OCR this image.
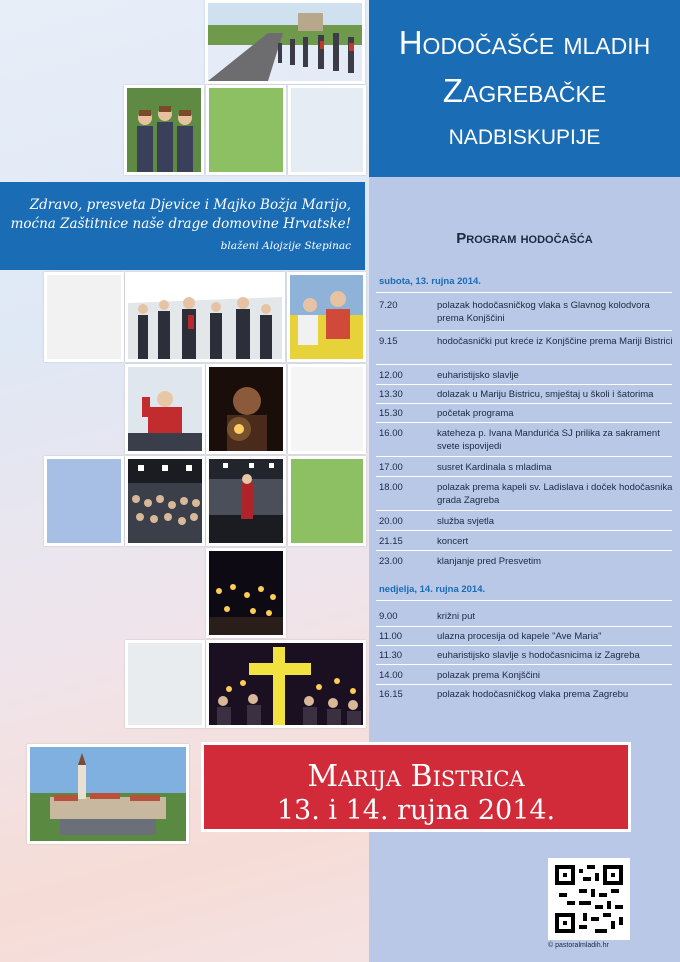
Zdravo, presveta Djevice i Majko Božja Marijo,
moćna Zaštitnice naše drage domovine Hrvatske!
blaženi Alojzije Stepinac
Hodočašće mladih
Zagrebačke
nadbiskupije
Program hodočašća
subota, 13. rujna 2014.
7.20	polazak hodočasničkog vlaka s Glavnog kolodvora prema Konjščini
9.15	hodočasnički put kreće iz Konjščine prema Mariji Bistrici
12.00	euharistijsko slavlje
13.30	dolazak u Mariju Bistricu, smještaj u školi i šatorima
15.30	početak programa
16.00	kateheza p. Ivana Mandurića SJ prilika za sakrament svete ispovijedi
17.00	susret Kardinala s mladima
18.00	polazak prema kapeli sv. Ladislava i doček hodočasnika grada Zagreba
20.00	služba svjetla
21.15	koncert
23.00	klanjanje pred Presvetim
nedjelja, 14. rujna 2014.
9.00	križni put
11.00	ulazna procesija od kapele "Ave Maria"
11.30	euharistijsko slavlje s hodočasnicima iz Zagreba
14.00	polazak prema Konjščini
16.15	polazak hodočasničkog vlaka prema Zagrebu
Marija Bistrica
13. i 14. rujna 2014.
© pastoralmladih.hr
